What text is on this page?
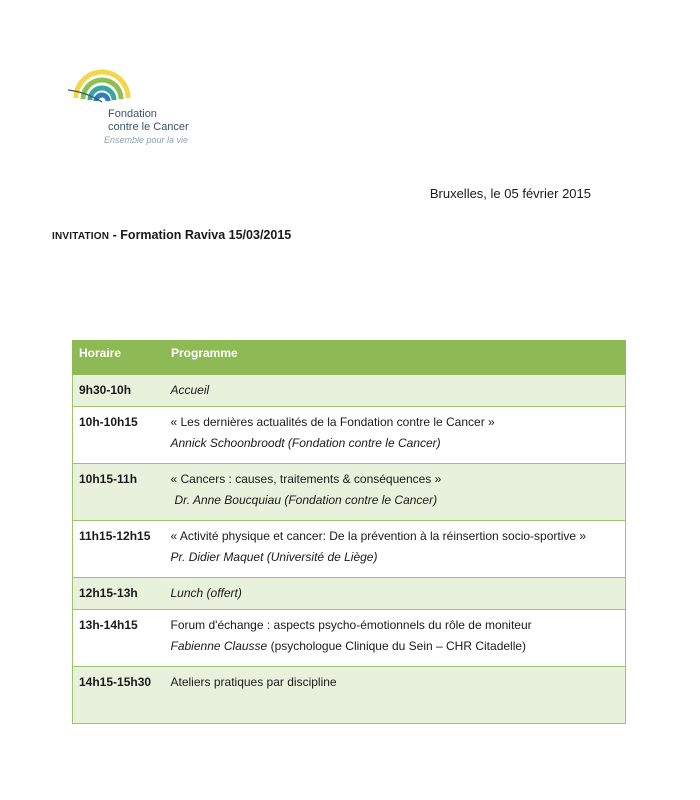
Fondation
contre le Cancer
Ensemble pour la vie
Bruxelles, le 05 février 2015
INVITATION - Formation Raviva 15/03/2015
Horaire	Programme
9h30-10h	Accueil
10h-10h15	« Les dernières actualités de la Fondation contre le Cancer »
Annick Schoonbroodt (Fondation contre le Cancer)

10h15-11h	« Cancers : causes, traitements & conséquences »
Dr. Anne Boucquiau (Fondation contre le Cancer)
11h15-12h15	« Activité physique et cancer: De la prévention à la réinsertion socio-sportive »
Pr. Didier Maquet (Université de Liège)

12h15-13h	Lunch (offert)
13h-14h15	Forum d'échange : aspects psycho-émotionnels du rôle de moniteur
Fabienne Clausse (psychologue Clinique du Sein – CHR Citadelle)

14h15-15h30	Ateliers pratiques par discipline
